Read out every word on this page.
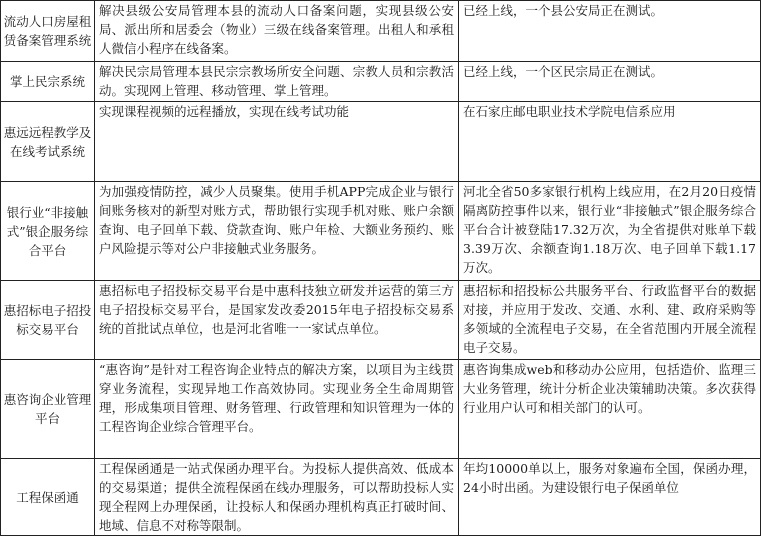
流动人口房屋租赁备案管理系统	解决县级公安局管理本县的流动人口备案问题，实现县级公安局、派出所和居委会（物业）三级在线备案管理。出租人和承租人微信小程序在线备案。	已经上线，一个县公安局正在测试。
掌上民宗系统	解决民宗局管理本县民宗宗教场所安全问题、宗教人员和宗教活动。实现网上管理、移动管理、掌上管理。	已经上线，一个区民宗局正在测试。
惠远远程教学及在线考试系统	实现课程视频的远程播放，实现在线考试功能	在石家庄邮电职业技术学院电信系应用
银行业“非接触式”银企服务综合平台	为加强疫情防控，减少人员聚集。使用手机APP完成企业与银行间账务核对的新型对账方式，帮助银行实现手机对账、账户余额查询、电子回单下载、贷款查询、账户年检、大额业务预约、账户风险提示等对公户非接触式业务服务。	河北全省50多家银行机构上线应用，在2月20日疫情隔离防控事件以来，银行业“非接触式”银企服务综合平台合计被登陆17.32万次，为全省提供对账单下载3.39万次、余额查询1.18万次、电子回单下载1.17万次。
惠招标电子招投标交易平台	惠招标电子招投标交易平台是中惠科技独立研发并运营的第三方电子招投标交易平台，是国家发改委2015年电子招投标交易系统的首批试点单位，也是河北省唯一一家试点单位。	惠招标和招投标公共服务平台、行政监督平台的数据对接，并应用于发改、交通、水利、建、政府采购等多领域的全流程电子交易，在全省范围内开展全流程电子交易。
惠咨询企业管理平台	“惠咨询”是针对工程咨询企业特点的解决方案，以项目为主线贯穿业务流程，实现异地工作高效协同。实现业务全生命周期管理，形成集项目管理、财务管理、行政管理和知识管理为一体的工程咨询企业综合管理平台。	惠咨询集成web和移动办公应用，包括造价、监理三大业务管理，统计分析企业决策辅助决策。多次获得行业用户认可和相关部门的认可。
工程保函通	工程保函通是一站式保函办理平台。为投标人提供高效、低成本的交易渠道；提供全流程保函在线办理服务，可以帮助投标人实现全程网上办理保函，让投标人和保函办理机构真正打破时间、地域、信息不对称等限制。	年均10000单以上，服务对象遍布全国，保函办理，24小时出函。为建设银行电子保函单位
